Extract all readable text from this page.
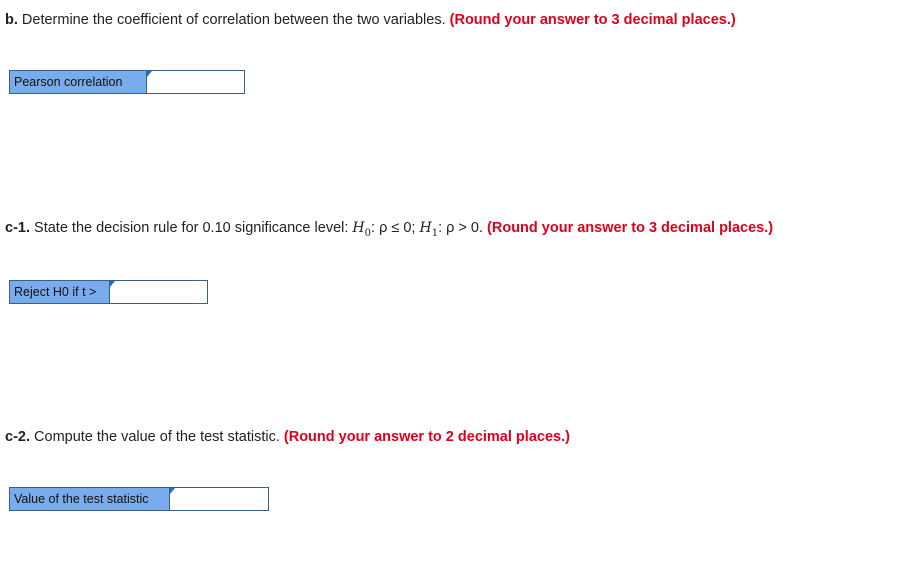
b. Determine the coefficient of correlation between the two variables. (Round your answer to 3 decimal places.)
Pearson correlation
c-1. State the decision rule for 0.10 significance level: $H_0$: ρ ≤ 0; $H_1$: ρ > 0. (Round your answer to 3 decimal places.)
Reject H0 if t >
c-2. Compute the value of the test statistic. (Round your answer to 2 decimal places.)
Value of the test statistic
